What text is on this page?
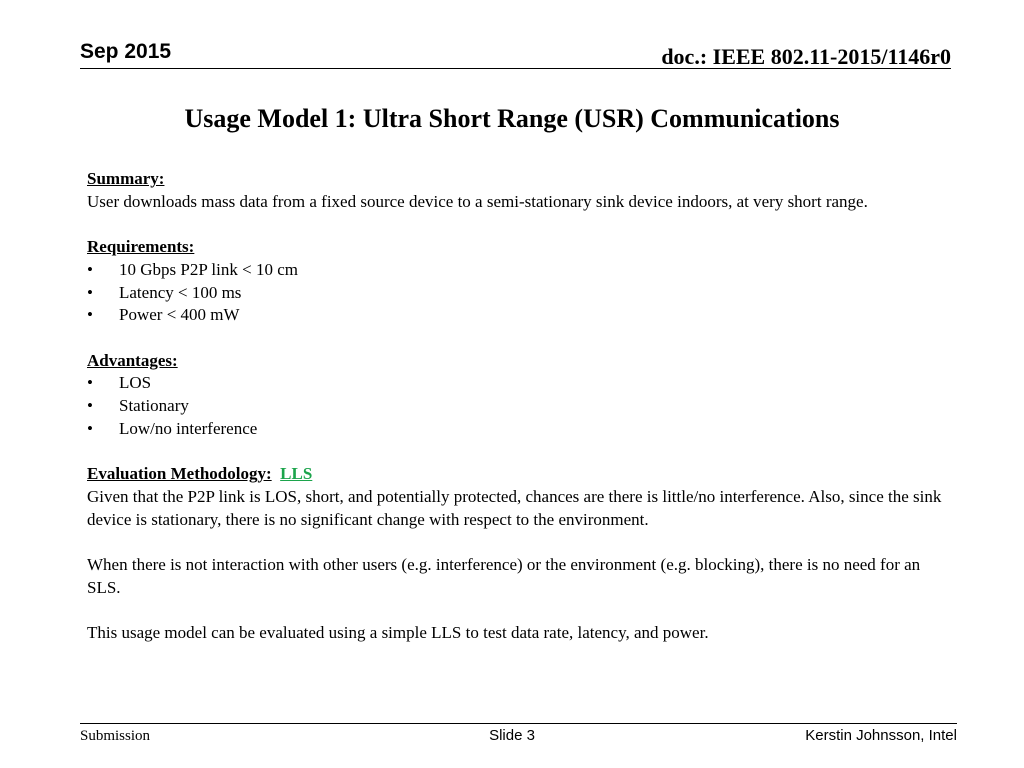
Sep 2015	doc.: IEEE 802.11-2015/1146r0
Usage Model 1: Ultra Short Range (USR) Communications

Summary:

User downloads mass data from a fixed source device to a semi-stationary sink device indoors, at very short range.

Requirements:

• 10 Gbps P2P link < 10 cm
• Latency < 100 ms
• Power < 400 mW

Advantages:

• LOS
• Stationary
• Low/no interference

Evaluation Methodology: LLS

Given that the P2P link is LOS, short, and potentially protected, chances are there is little/no interference. Also, since the sink device is stationary, there is no significant change with respect to the environment.

When there is not interaction with other users (e.g. interference) or the environment (e.g. blocking), there is no need for an SLS.

This usage model can be evaluated using a simple LLS to test data rate, latency, and power.

Submission	Slide 3	Kerstin Johnsson, Intel
